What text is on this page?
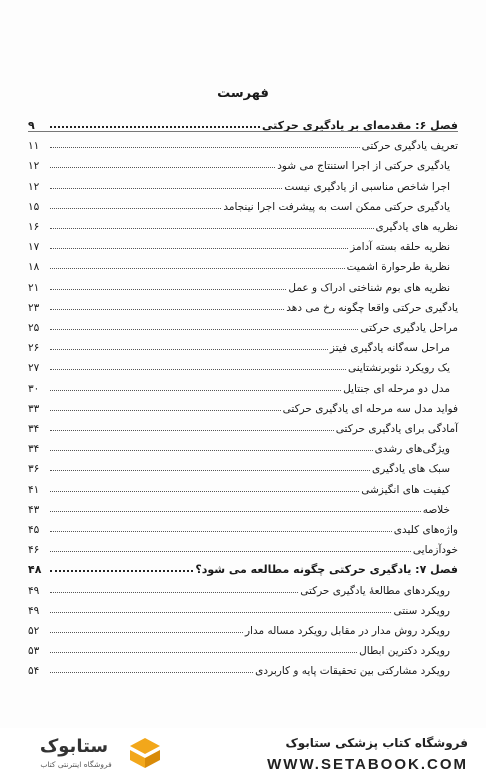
فهرست
فصل ۶: مقدمه‌ای بر یادگیری حرکتی
۹
تعریف یادگیری حرکتی
۱۱
یادگیری حرکتی از اجرا استنتاج می شود
۱۲
اجرا شاخص مناسبی از یادگیری نیست
۱۲
یادگیری حرکتی ممکن است به پیشرفت اجرا نینجامد
۱۵
نظریه های یادگیری
۱۶
نظریه حلقه بسته آدامز
۱۷
نظریة طرحوارة اشمیت
۱۸
نظریه های بوم شناختی ادراک و عمل
۲۱
یادگیری حرکتی واقعا چگونه رخ می دهد
۲۳
مراحل یادگیری حرکتی
۲۵
مراحل سه‌گانه یادگیری فیتز
۲۶
یک رویکرد نئوبرنشتاینی
۲۷
مدل دو مرحله ای جنتایل
۳۰
فواید مدل سه مرحله ای یادگیری حرکتی
۳۳
آمادگی برای یادگیری حرکتی
۳۴
ویژگی‌های رشدی
۳۴
سبک های یادگیری
۳۶
کیفیت های انگیزشی
۴۱
خلاصه
۴۳
واژه‌های کلیدی
۴۵
خودآزمایی
۴۶
فصل ۷: یادگیری حرکتی چگونه مطالعه می شود؟
۴۸
رویکردهای مطالعهٔ یادگیری حرکتی
۴۹
رویکرد سنتی
۴۹
رویکرد روش مدار در مقابل رویکرد مساله مدار
۵۲
رویکرد دکترین ابطال
۵۳
رویکرد مشارکتی بین تحقیقات پایه و کاربردی
۵۴
فروشگاه کتاب پزشکی ستابوک
WWW.SETABOOK.COM
ستابوک
فروشگاه اینترنتی کتاب
